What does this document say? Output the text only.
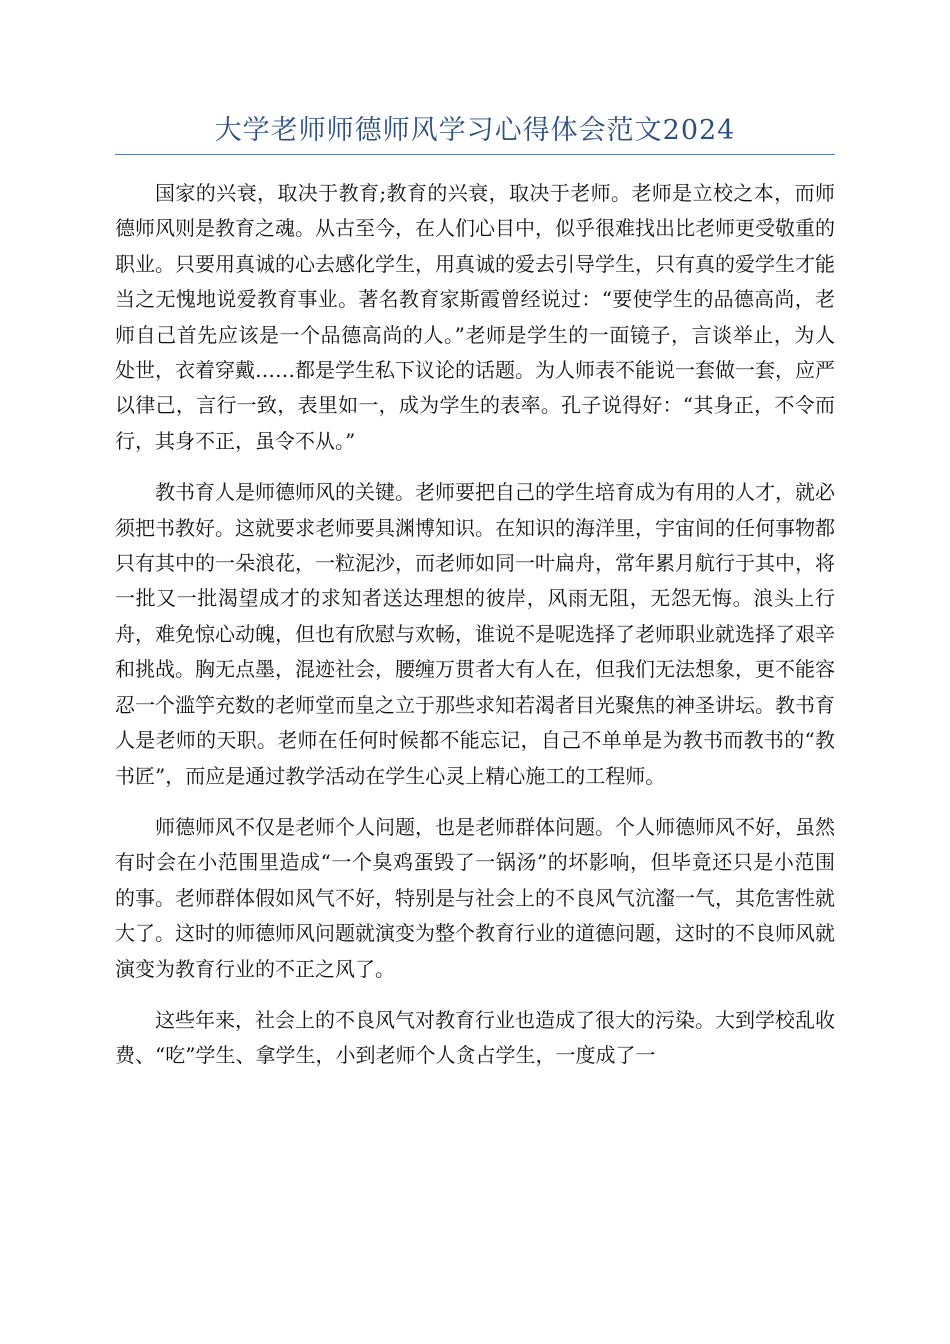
大学老师师德师风学习心得体会范文2024

国家的兴衰，取决于教育;教育的兴衰，取决于老师。老师是立校之本，而师德师风则是教育之魂。从古至今，在人们心目中，似乎很难找出比老师更受敬重的职业。只要用真诚的心去感化学生，用真诚的爱去引导学生，只有真的爱学生才能当之无愧地说爱教育事业。著名教育家斯霞曾经说过：“要使学生的品德高尚，老师自己首先应该是一个品德高尚的人。”老师是学生的一面镜子，言谈举止，为人处世，衣着穿戴……都是学生私下议论的话题。为人师表不能说一套做一套，应严以律己，言行一致，表里如一，成为学生的表率。孔子说得好：“其身正，不令而行，其身不正，虽令不从。”

教书育人是师德师风的关键。老师要把自己的学生培育成为有用的人才，就必须把书教好。这就要求老师要具渊博知识。在知识的海洋里，宇宙间的任何事物都只有其中的一朵浪花，一粒泥沙，而老师如同一叶扁舟，常年累月航行于其中，将一批又一批渴望成才的求知者送达理想的彼岸，风雨无阻，无怨无悔。浪头上行舟，难免惊心动魄，但也有欣慰与欢畅，谁说不是呢选择了老师职业就选择了艰辛和挑战。胸无点墨，混迹社会，腰缠万贯者大有人在，但我们无法想象，更不能容忍一个滥竽充数的老师堂而皇之立于那些求知若渴者目光聚焦的神圣讲坛。教书育人是老师的天职。老师在任何时候都不能忘记，自己不单单是为教书而教书的“教书匠”，而应是通过教学活动在学生心灵上精心施工的工程师。

师德师风不仅是老师个人问题，也是老师群体问题。个人师德师风不好，虽然有时会在小范围里造成“一个臭鸡蛋毁了一锅汤”的坏影响，但毕竟还只是小范围的事。老师群体假如风气不好，特别是与社会上的不良风气沆瀣一气，其危害性就大了。这时的师德师风问题就演变为整个教育行业的道德问题，这时的不良师风就演变为教育行业的不正之风了。

这些年来，社会上的不良风气对教育行业也造成了很大的污染。大到学校乱收费、“吃”学生、拿学生，小到老师个人贪占学生，一度成了一
